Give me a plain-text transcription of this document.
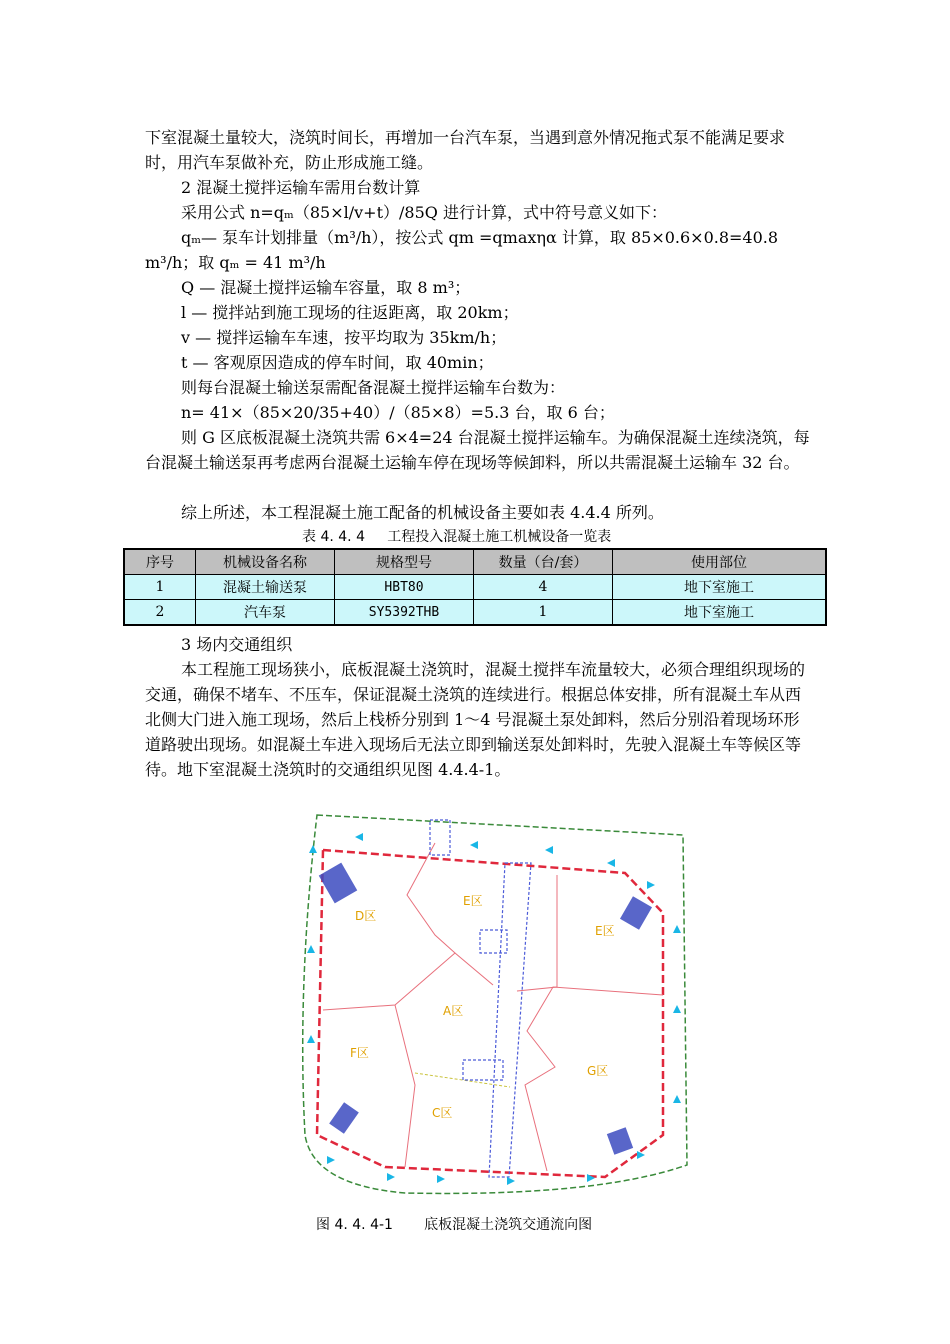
下室混凝土量较大，浇筑时间长，再增加一台汽车泵，当遇到意外情况拖式泵不能满足要求时，用汽车泵做补充，防止形成施工缝。

2 混凝土搅拌运输车需用台数计算
采用公式 n=qₘ（85×l/v+t）/85Q 进行计算，式中符号意义如下：

qₘ— 泵车计划排量（m³/h），按公式 qm =qmaxηα 计算，取 85×0.6×0.8=40.8 m³/h；取 qₘ = 41 m³/h

Q — 混凝土搅拌运输车容量，取 8 m³；
l — 搅拌站到施工现场的往返距离，取 20km；
v — 搅拌运输车车速，按平均取为 35km/h；
t — 客观原因造成的停车时间，取 40min；
则每台混凝土输送泵需配备混凝土搅拌运输车台数为：
n= 41×（85×20/35+40）/（85×8）=5.3 台，取 6 台；

则 G 区底板混凝土浇筑共需 6×4=24 台混凝土搅拌运输车。为确保混凝土连续浇筑，每台混凝土输送泵再考虑两台混凝土运输车停在现场等候卸料，所以共需混凝土运输车 32 台。

综上所述，本工程混凝土施工配备的机械设备主要如表 4.4.4 所列。
表 4. 4. 4 工程投入混凝土施工机械设备一览表
序号	机械设备名称	规格型号	数量（台/套）	使用部位
1	混凝土输送泵	HBT80	4	地下室施工
2	汽车泵	SY5392THB	1	地下室施工
3 场内交通组织

本工程施工现场狭小，底板混凝土浇筑时，混凝土搅拌车流量较大，必须合理组织现场的交通，确保不堵车、不压车，保证混凝土浇筑的连续进行。根据总体安排，所有混凝土车从西北侧大门进入施工现场，然后上栈桥分别到 1～4 号混凝土泵处卸料，然后分别沿着现场环形道路驶出现场。如混凝土车进入现场后无法立即到输送泵处卸料时，先驶入混凝土车等候区等待。地下室混凝土浇筑时的交通组织见图 4.4.4-1。

D区
E区
E区
A区
F区
G区
C区
图 4. 4. 4-1 底板混凝土浇筑交通流向图
